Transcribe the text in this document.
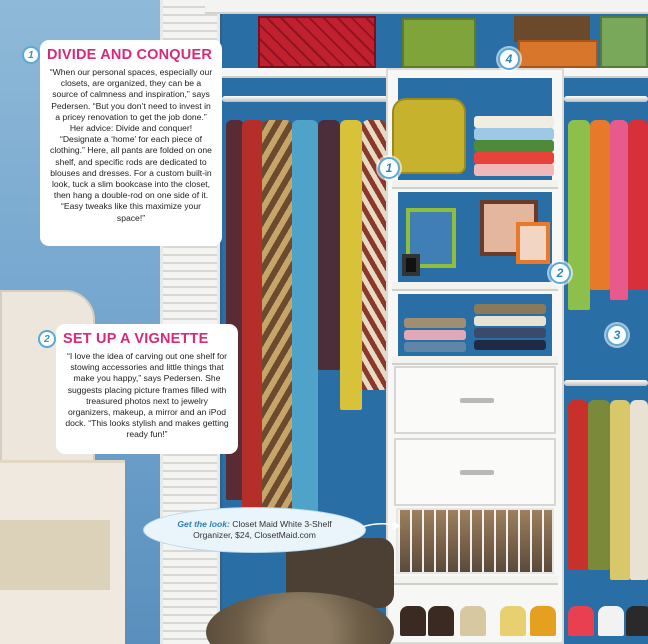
4
1
2
3
1 DIVIDE AND CONQUER

“When our personal spaces, especially our closets, are organized, they can be a source of calmness and inspiration,” says Pedersen. “But you don’t need to invest in a pricey renovation to get the job done.” Her advice: Divide and conquer! “Designate a ‘home’ for each piece of clothing.” Here, all pants are folded on one shelf, and specific rods are dedicated to blouses and dresses. For a custom built-in look, tuck a slim bookcase into the closet, then hang a double-rod on one side of it. “Easy tweaks like this maximize your space!”

2 SET UP A VIGNETTE

“I love the idea of carving out one shelf for stowing accessories and little things that make you happy,” says Pedersen. She suggests placing picture frames filled with treasured photos next to jewelry organizers, makeup, a mirror and an iPod dock. “This looks stylish and makes getting ready fun!”

Get the look: Closet Maid White 3-Shelf Organizer, $24, ClosetMaid.com
